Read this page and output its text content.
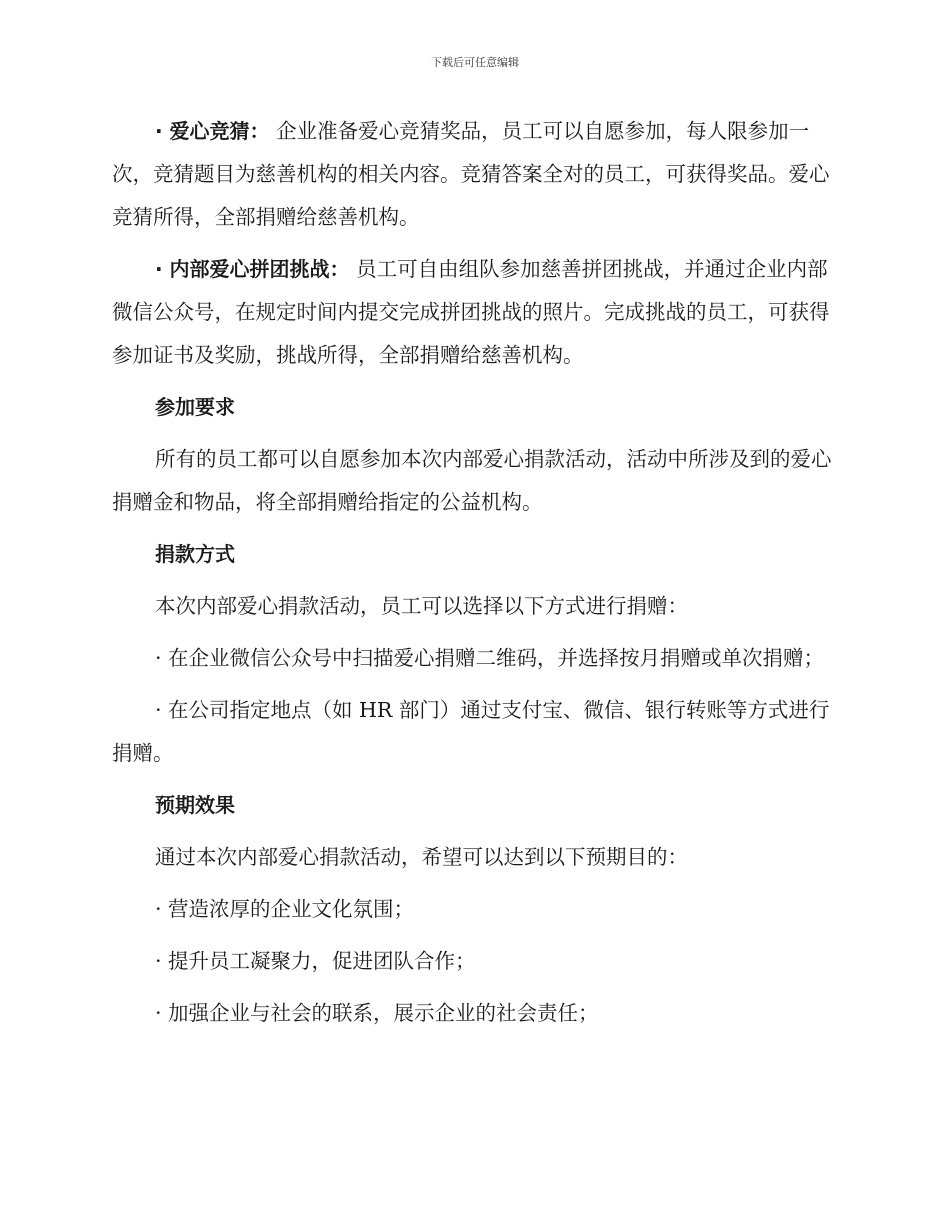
下载后可任意编辑

· 爱心竞猜： 企业准备爱心竞猜奖品，员工可以自愿参加，每人限参加一次，竞猜题目为慈善机构的相关内容。竞猜答案全对的员工，可获得奖品。爱心竞猜所得，全部捐赠给慈善机构。

· 内部爱心拼团挑战： 员工可自由组队参加慈善拼团挑战，并通过企业内部微信公众号，在规定时间内提交完成拼团挑战的照片。完成挑战的员工，可获得参加证书及奖励，挑战所得，全部捐赠给慈善机构。

参加要求

所有的员工都可以自愿参加本次内部爱心捐款活动，活动中所涉及到的爱心捐赠金和物品，将全部捐赠给指定的公益机构。

捐款方式

本次内部爱心捐款活动，员工可以选择以下方式进行捐赠：

· 在企业微信公众号中扫描爱心捐赠二维码，并选择按月捐赠或单次捐赠；

· 在公司指定地点（如 HR 部门）通过支付宝、微信、银行转账等方式进行捐赠。

预期效果

通过本次内部爱心捐款活动，希望可以达到以下预期目的：

· 营造浓厚的企业文化氛围；

· 提升员工凝聚力，促进团队合作；

· 加强企业与社会的联系，展示企业的社会责任；
